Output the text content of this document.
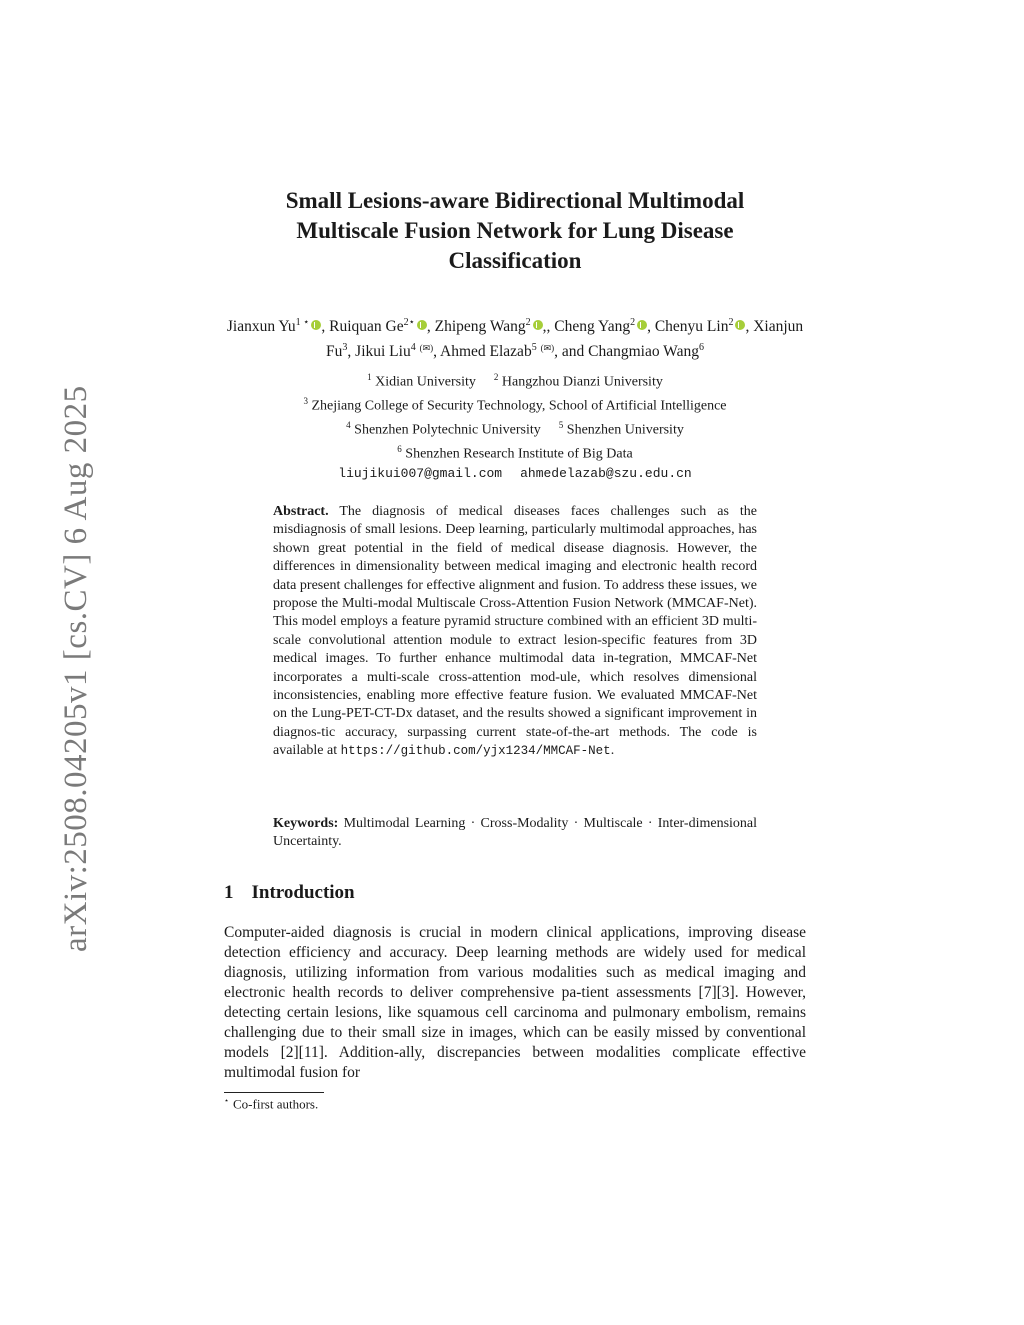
arXiv:2508.04205v1 [cs.CV] 6 Aug 2025
Small Lesions-aware Bidirectional Multimodal
Multiscale Fusion Network for Lung Disease
Classification
Jianxun $Yu^{1 ⋆}$ , Ruiquan $Ge^{2⋆}$ , Zhipeng Wang$^2$ ,, Cheng Yang$^2$ , Chenyu Lin$^2$ , Xianjun Fu$^3$, Jikui Liu$^4$ (✉), Ahmed Elazab$^5$ (✉), and Changmiao Wang$^6$
$^1$ Xidian University $^2$ Hangzhou Dianzi University
$^3$ Zhejiang College of Security Technology, School of Artificial Intelligence
$^4$ Shenzhen Polytechnic University $^5$ Shenzhen University
$^6$ Shenzhen Research Institute of Big Data
liujikui007@gmail.com ahmedelazab@szu.edu.cn
Abstract. The diagnosis of medical diseases faces challenges such as the misdiagnosis of small lesions. Deep learning, particularly multimodal approaches, has shown great potential in the field of medical disease diagnosis. However, the differences in dimensionality between medical imaging and electronic health record data present challenges for effective alignment and fusion. To address these issues, we propose the Multi-modal Multiscale Cross-Attention Fusion Network (MMCAF-Net). This model employs a feature pyramid structure combined with an efficient 3D multi-scale convolutional attention module to extract lesion-specific features from 3D medical images. To further enhance multimodal data in-tegration, MMCAF-Net incorporates a multi-scale cross-attention mod-ule, which resolves dimensional inconsistencies, enabling more effective feature fusion. We evaluated MMCAF-Net on the Lung-PET-CT-Dx dataset, and the results showed a significant improvement in diagnos-tic accuracy, surpassing current state-of-the-art methods. The code is available at https://github.com/yjx1234/MMCAF-Net.
Keywords: Multimodal Learning · Cross-Modality · Multiscale · Inter-dimensional Uncertainty.
1 Introduction
Computer-aided diagnosis is crucial in modern clinical applications, improving disease detection efficiency and accuracy. Deep learning methods are widely used for medical diagnosis, utilizing information from various modalities such as medical imaging and electronic health records to deliver comprehensive pa-tient assessments [7][3]. However, detecting certain lesions, like squamous cell carcinoma and pulmonary embolism, remains challenging due to their small size in images, which can be easily missed by conventional models [2][11]. Addition-ally, discrepancies between modalities complicate effective multimodal fusion for
⋆ Co-first authors.
